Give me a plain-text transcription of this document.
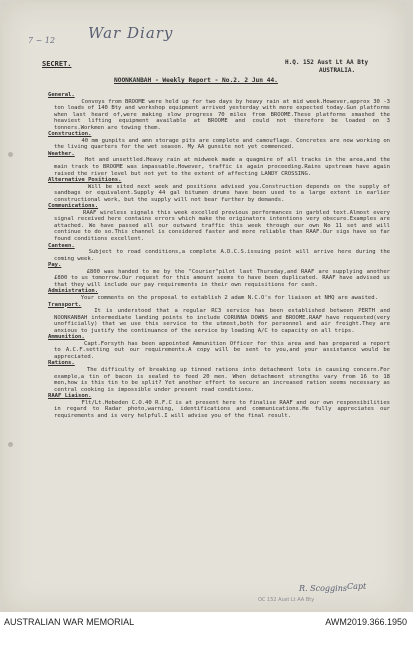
War Diary
7 ~ 12
SECRET.	H.Q. 152 Aust Lt AA Bty
AUSTRALIA.
NOONKANBAH - Weekly Report - No.2. 2 Jun 44.
General.
Convoys from BROOME were held up for two days by heavy rain at mid week.However,approx 30 -3 ton loads of 140 Bty and workshop equipment arrived yesterday with more expected today.Gun platforms when last heard of,were making slow progress 70 miles from BROOME.These platforms smashed the heaviest lifting equipment available at BROOME and could not therefore be loaded on 3 tonners.Workmen are towing them.
Construction.
40 mm gunpits and amn storage pits are complete and camouflage. Concretes are now working on the living quarters for the wet season. My AA gunsite not yet commenced.
Weather.
Hot and unsettled.Heavy rain at midweek made a quagmire of all tracks in the area,and the main track to BROOME was impassable.However, traffic is again proceeding.Rains upstream have again raised the river level but not yet to the extent of affecting LANDY CROSSING.
Alternative Positions.
Will be sited next week and positions advised you.Construction depends on the supply of sandbags or equivalent.Supply 44 gal bitumen drums have been used to a large extent in earlier constructional work, but the supply will not bear further by demands.
Communications.
RAAF wireless signals this week excelled previous performances in garbled text.Almost every signal received here contains errors which make the originators intentions very obscure.Examples are attached. We have passed all our outward traffic this week through our own No 11 set and will continue to do so.This channel is considered faster and more reliable than RAAF.Our sigs have so far found conditions excellent.
Canteen.
Subject to road conditions,a complete A.D.C.S.issuing point will arrive here during the coming week.
Pay.
£800 was handed to me by the "Courier"pilot last Thursday,and RAAF are supplying another £800 to us tomorrow.Our request for this amount seems to have been duplicated. RAAF have advised us that they will include our pay requirements in their own requisitions for cash.
Administration.
Your comments on the proposal to establish 2 adam N.C.O's for liaison at NHQ are awaited.
Transport.
It is understood that a regular RC3 service has been established between PERTH and NOONKANBAH intermediate landing points to include CORUNNA DOWNS and BROOME.RAAF have requested(very unofficially) that we use this service to the utmost,both for personnel and air freight.They are anxious to justify the continuance of the service by loading A/C to capacity on all trips.
Ammunition.
Capt.Forsyth has been appointed Ammunition Officer for this area and has prepared a report to A.C.F.setting out our requirements.A copy will be sent to you,and your assistance would be appreciated.
Rations.
The difficulty of breaking up tinned rations into detachment lots in causing concern.For example,a tin of bacon is sealed to feed 20 men. When detachment strengths vary from 16 to 18 men,how is this tin to be split? Yet another effort to secure an increased ration seems necessary as central cooking is impossible under present road conditions.
RAAF Liaison.
Flt/Lt.Hebeden C.O.40 R.F.C is at present here to finalise RAAF and our own responsibilities in regard to Radar photo,warning, identifications and communications.He fully appreciates our requirements and is very helpful.I will advise you of the final result.
R. Scoggins Capt
OC 152 Aust Lt AA Bty
AUSTRALIAN WAR MEMORIAL	AWM2019.366.1950
